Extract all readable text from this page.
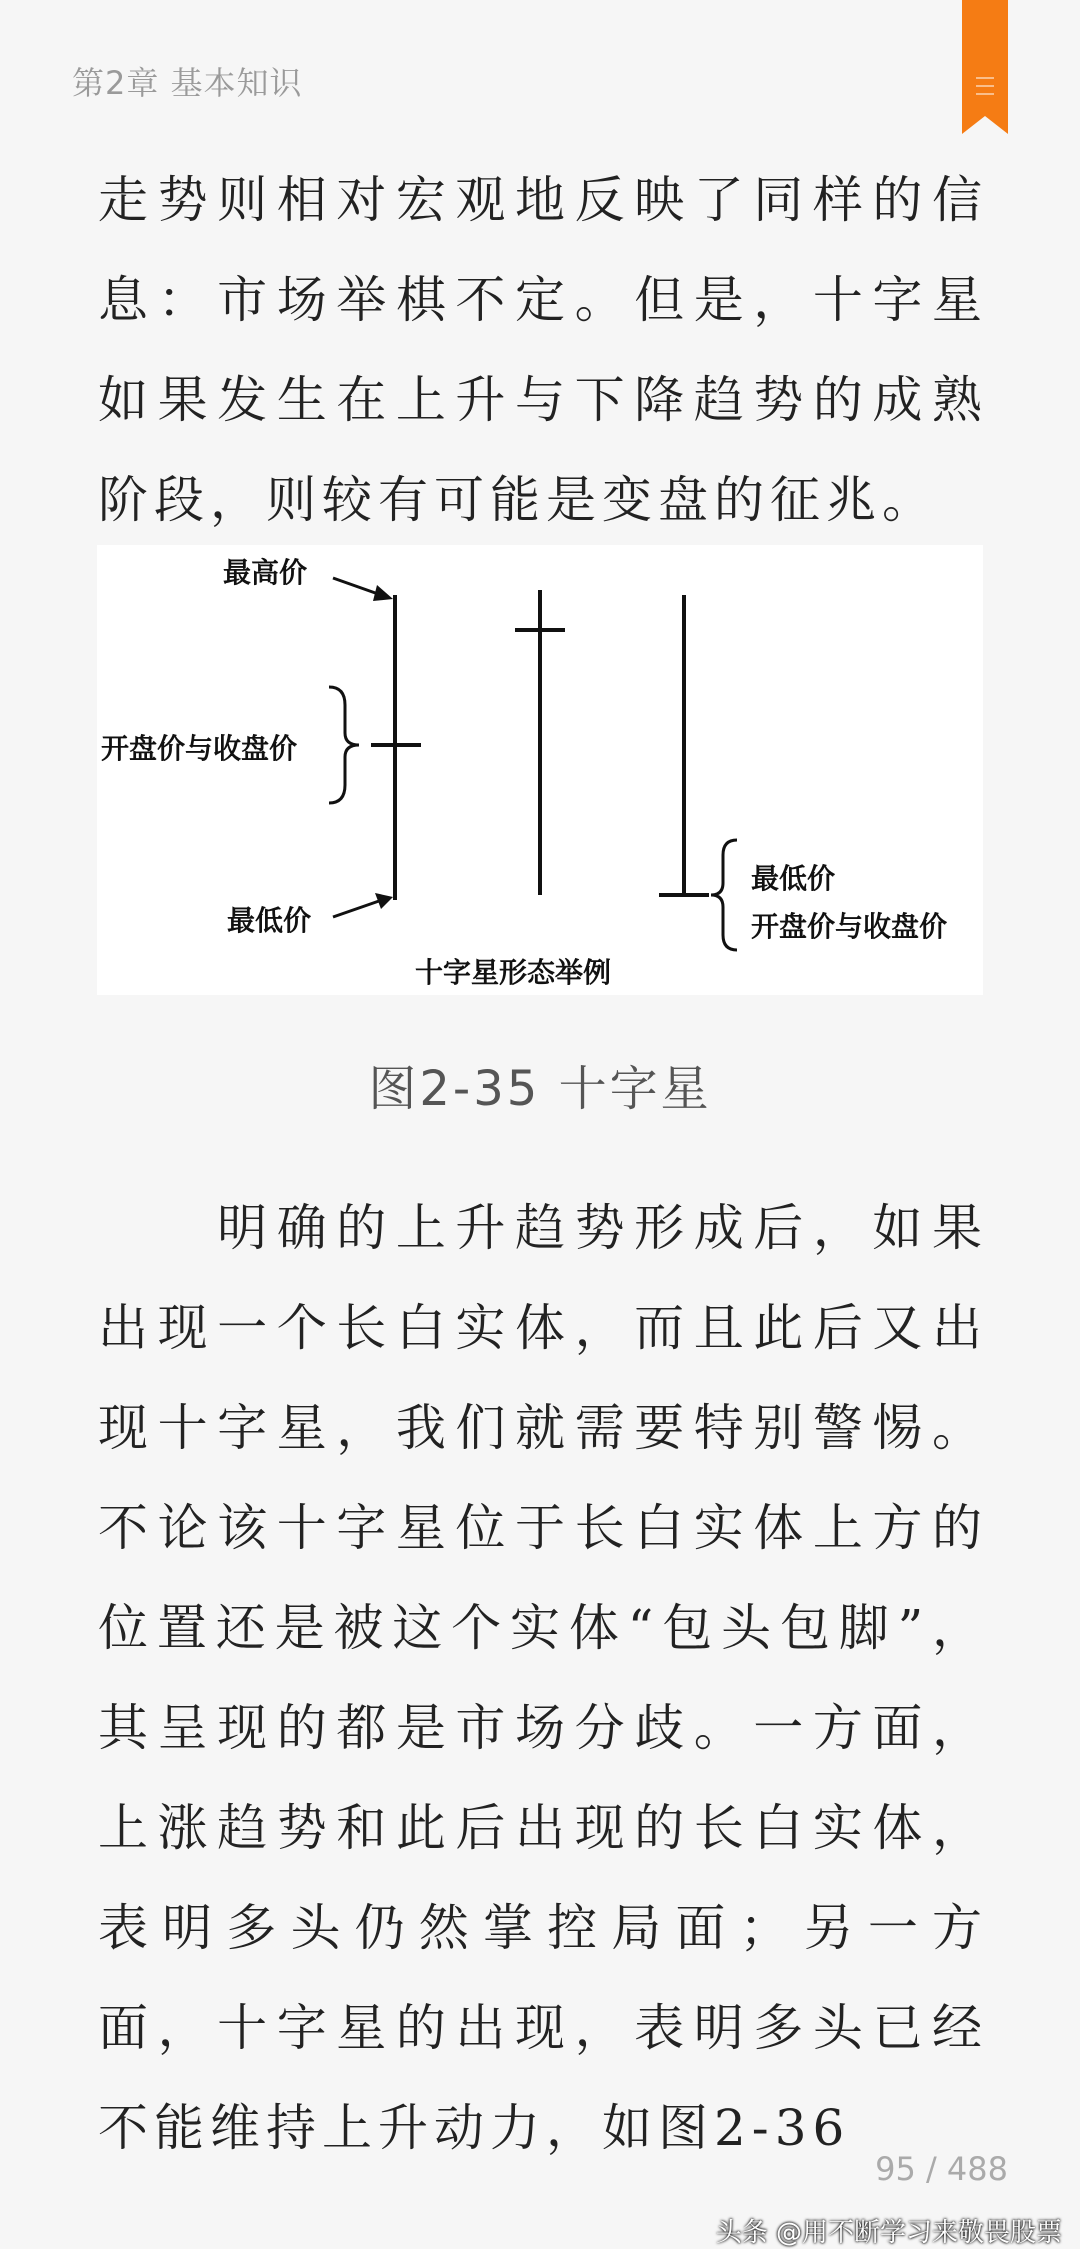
第2章 基本知识

走势则相对宏观地反映了同样的信息：市场举棋不定。但是，十字星如果发生在上升与下降趋势的成熟阶段，则较有可能是变盘的征兆。

最高价
开盘价与收盘价
最低价
最低价
开盘价与收盘价
十字星形态举例
图2-35 十字星

　　明确的上升趋势形成后，如果出现一个长白实体，而且此后又出现十字星，我们就需要特别警惕。不论该十字星位于长白实体上方的位置还是被这个实体“包头包脚”，其呈现的都是市场分歧。一方面，上涨趋势和此后出现的长白实体，表明多头仍然掌控局面；另一方面，十字星的出现，表明多头已经不能维持上升动力，如图2-36

95 / 488
头条 @用不断学习来敬畏股票
